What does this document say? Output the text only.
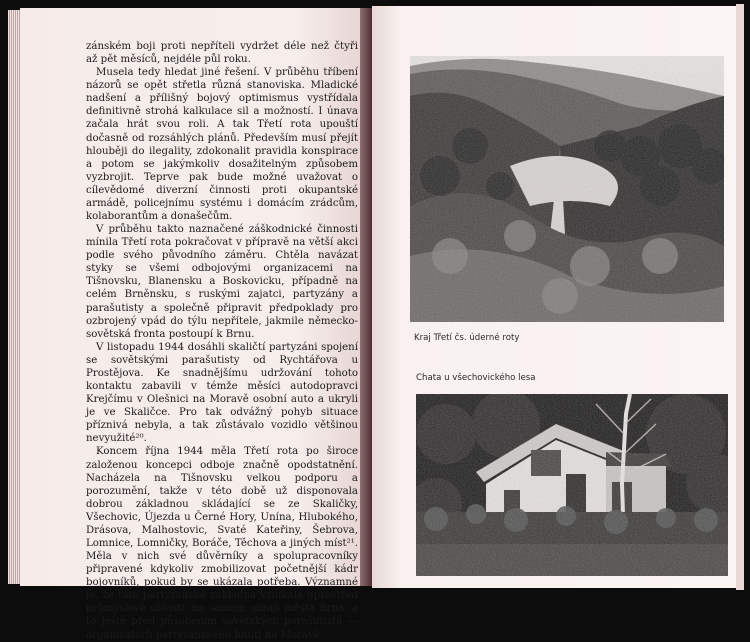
zánském boji proti nepříteli vydržet déle než čtyři až pět měsíců, nejdéle půl roku.

Musela tedy hledat jiné řešení. V průběhu tříbení názorů se opět střetla různá stanoviska. Mladické nadšení a přílišný bojový optimismus vystřídala definitivně strohá kalkulace sil a možností. I únava začala hrát svou roli. A tak Třetí rota upouští dočasně od rozsáhlých plánů. Především musí přejít hlouběji do ilegality, zdokonalit pravidla konspirace a potom se jakýmkoliv dosažitelným způsobem vyzbrojit. Teprve pak bude možné uvažovat o cílevědomé diverzní činnosti proti okupantské armádě, policejnímu systému i domácím zrádcům, kolaborantům a donašečům.

V průběhu takto naznačené záškodnické činnosti mínila Třetí rota pokračovat v přípravě na větší akci podle svého původního záměru. Chtěla navázat styky se všemi odbojovými organizacemi na Tišnovsku, Blanensku a Boskovicku, případně na celém Brněnsku, s ruskými zajatci, partyzány a parašutisty a společně připravit předpoklady pro ozbrojený vpád do týlu nepřítele, jakmile německo-sovětská fronta postoupí k Brnu.

V listopadu 1944 dosáhli skaličtí partyzáni spojení se sovětskými parašutisty od Rychtářova u Prostějova. Ke snadnějšímu udržování tohoto kontaktu zabavili v témže měsíci autodopravci Krejčímu v Olešnici na Moravě osobní auto a ukryli je ve Skaličce. Pro tak odvážný pohyb situace příznivá nebyla, a tak zůstávalo vozidlo většinou nevyužité²⁰.

Koncem října 1944 měla Třetí rota po široce založenou koncepci odboje značně opodstatnění. Nacházela na Tišnovsku velkou podporu a porozumění, takže v této době už disponovala dobrou základnou skládající se ze Skaličky, Všechovic, Újezda u Černé Hory, Unína, Hlubokého, Drásova, Malhostovic, Svaté Kateřiny, Šebrova, Lomnice, Lomničky, Boráče, Těchova a jiných míst²¹. Měla v nich své důvěrníky a spolupracovníky připravené kdykoliv zmobilizovat početnější kádr bojovníků, pokud by se ukázala potřeba. Významné je, že tato partyzánská základna vznikala uprostřed průmyslové oblasti, na samém okraji města Brna, a to ještě před působením sovětských parašutistů — organizátorů partyzánského hnutí na Moravě.

Kraj Třetí čs. úderné roty
Chata u všechovického lesa
